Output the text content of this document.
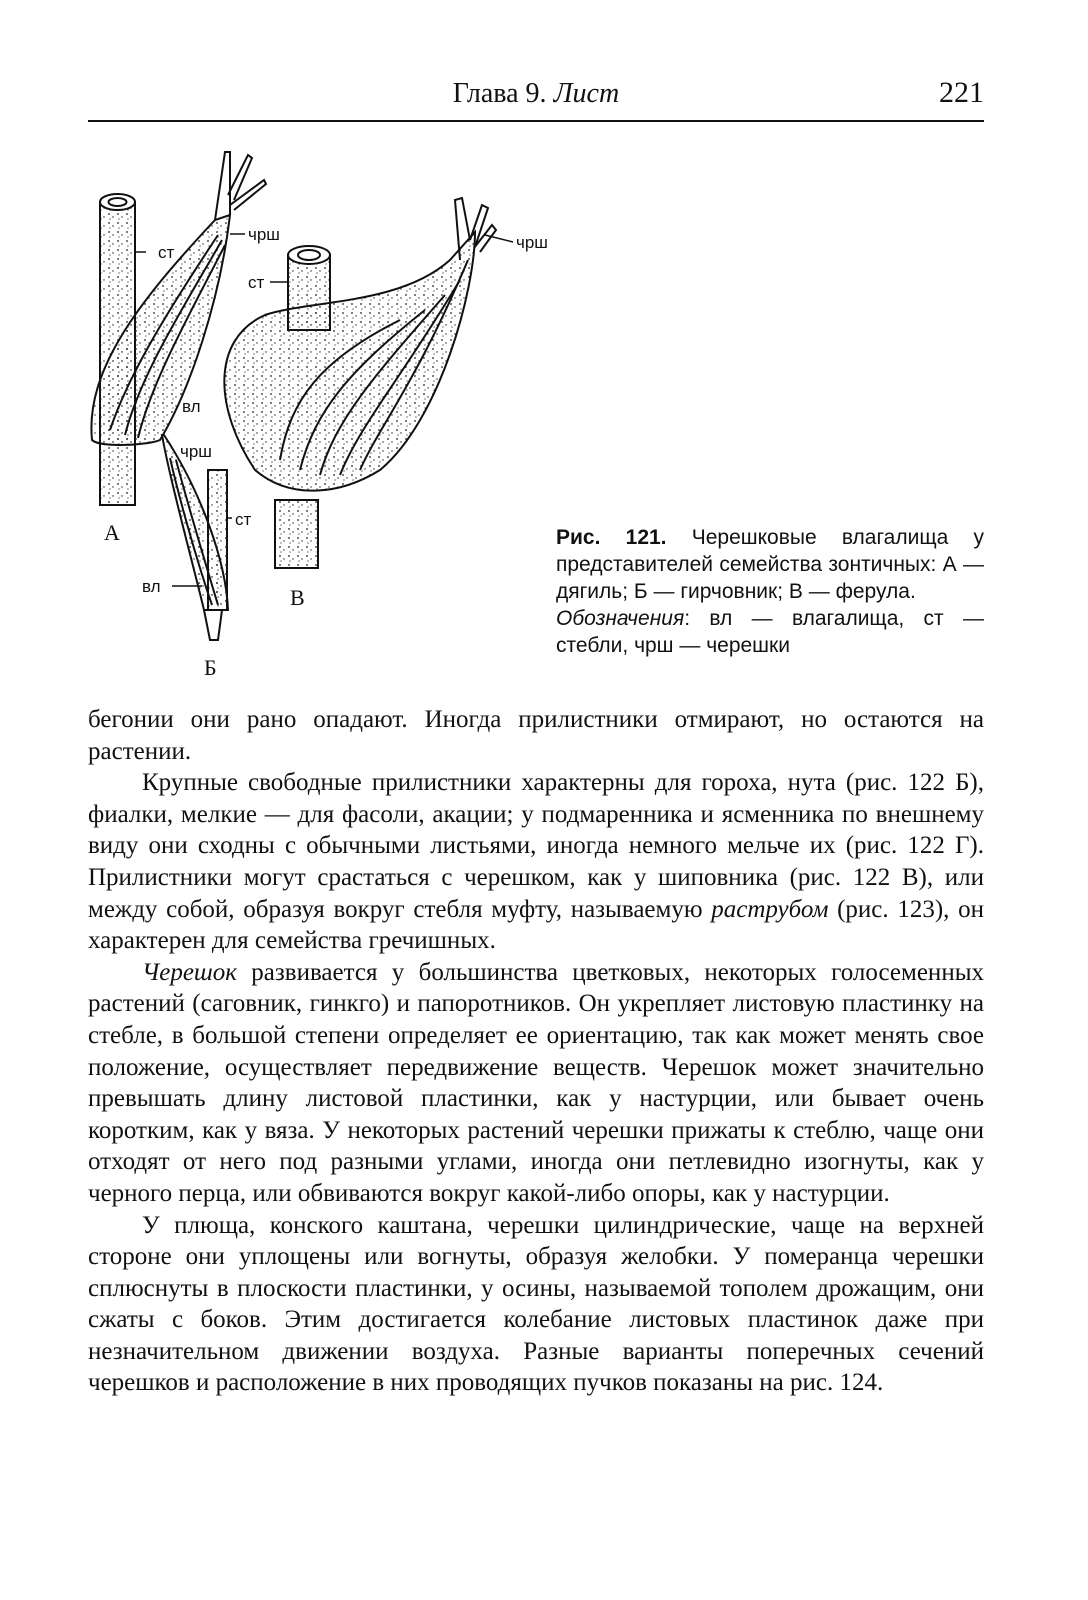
Глава 9. Лист	221
ст
чрш
вл
А
чрш
ст
вл
Б
ст
чрш
В

Рис. 121. Черешковые влагалища у представителей семейства зонтичных: А — дягиль; Б — гирчовник; В — ферула.

Обозначения: вл — влагалища, ст — стебли, чрш — черешки

бегонии они рано опадают. Иногда прилистники отмирают, но остаются на растении.

Крупные свободные прилистники характерны для гороха, нута (рис. 122 Б), фиалки, мелкие — для фасоли, акации; у подмаренника и ясменника по внешнему виду они сходны с обычными листьями, иногда немного мельче их (рис. 122 Г). Прилистники могут срастаться с черешком, как у шиповника (рис. 122 В), или между собой, образуя вокруг стебля муфту, называемую раструбом (рис. 123), он характерен для семейства гречишных.

Черешок развивается у большинства цветковых, некоторых голосеменных растений (саговник, гинкго) и папоротников. Он укрепляет листовую пластинку на стебле, в большой степени определяет ее ориентацию, так как может менять свое положение, осуществляет передвижение веществ. Черешок может значительно превышать длину листовой пластинки, как у настурции, или бывает очень коротким, как у вяза. У некоторых растений черешки прижаты к стеблю, чаще они отходят от него под разными углами, иногда они петлевидно изогнуты, как у черного перца, или обвиваются вокруг какой-либо опоры, как у настурции.

У плюща, конского каштана, черешки цилиндрические, чаще на верхней стороне они уплощены или вогнуты, образуя желобки. У померанца черешки сплюснуты в плоскости пластинки, у осины, называемой тополем дрожащим, они сжаты с боков. Этим достигается колебание листовых пластинок даже при незначительном движении воздуха. Разные варианты поперечных сечений черешков и расположение в них проводящих пучков показаны на рис. 124.
